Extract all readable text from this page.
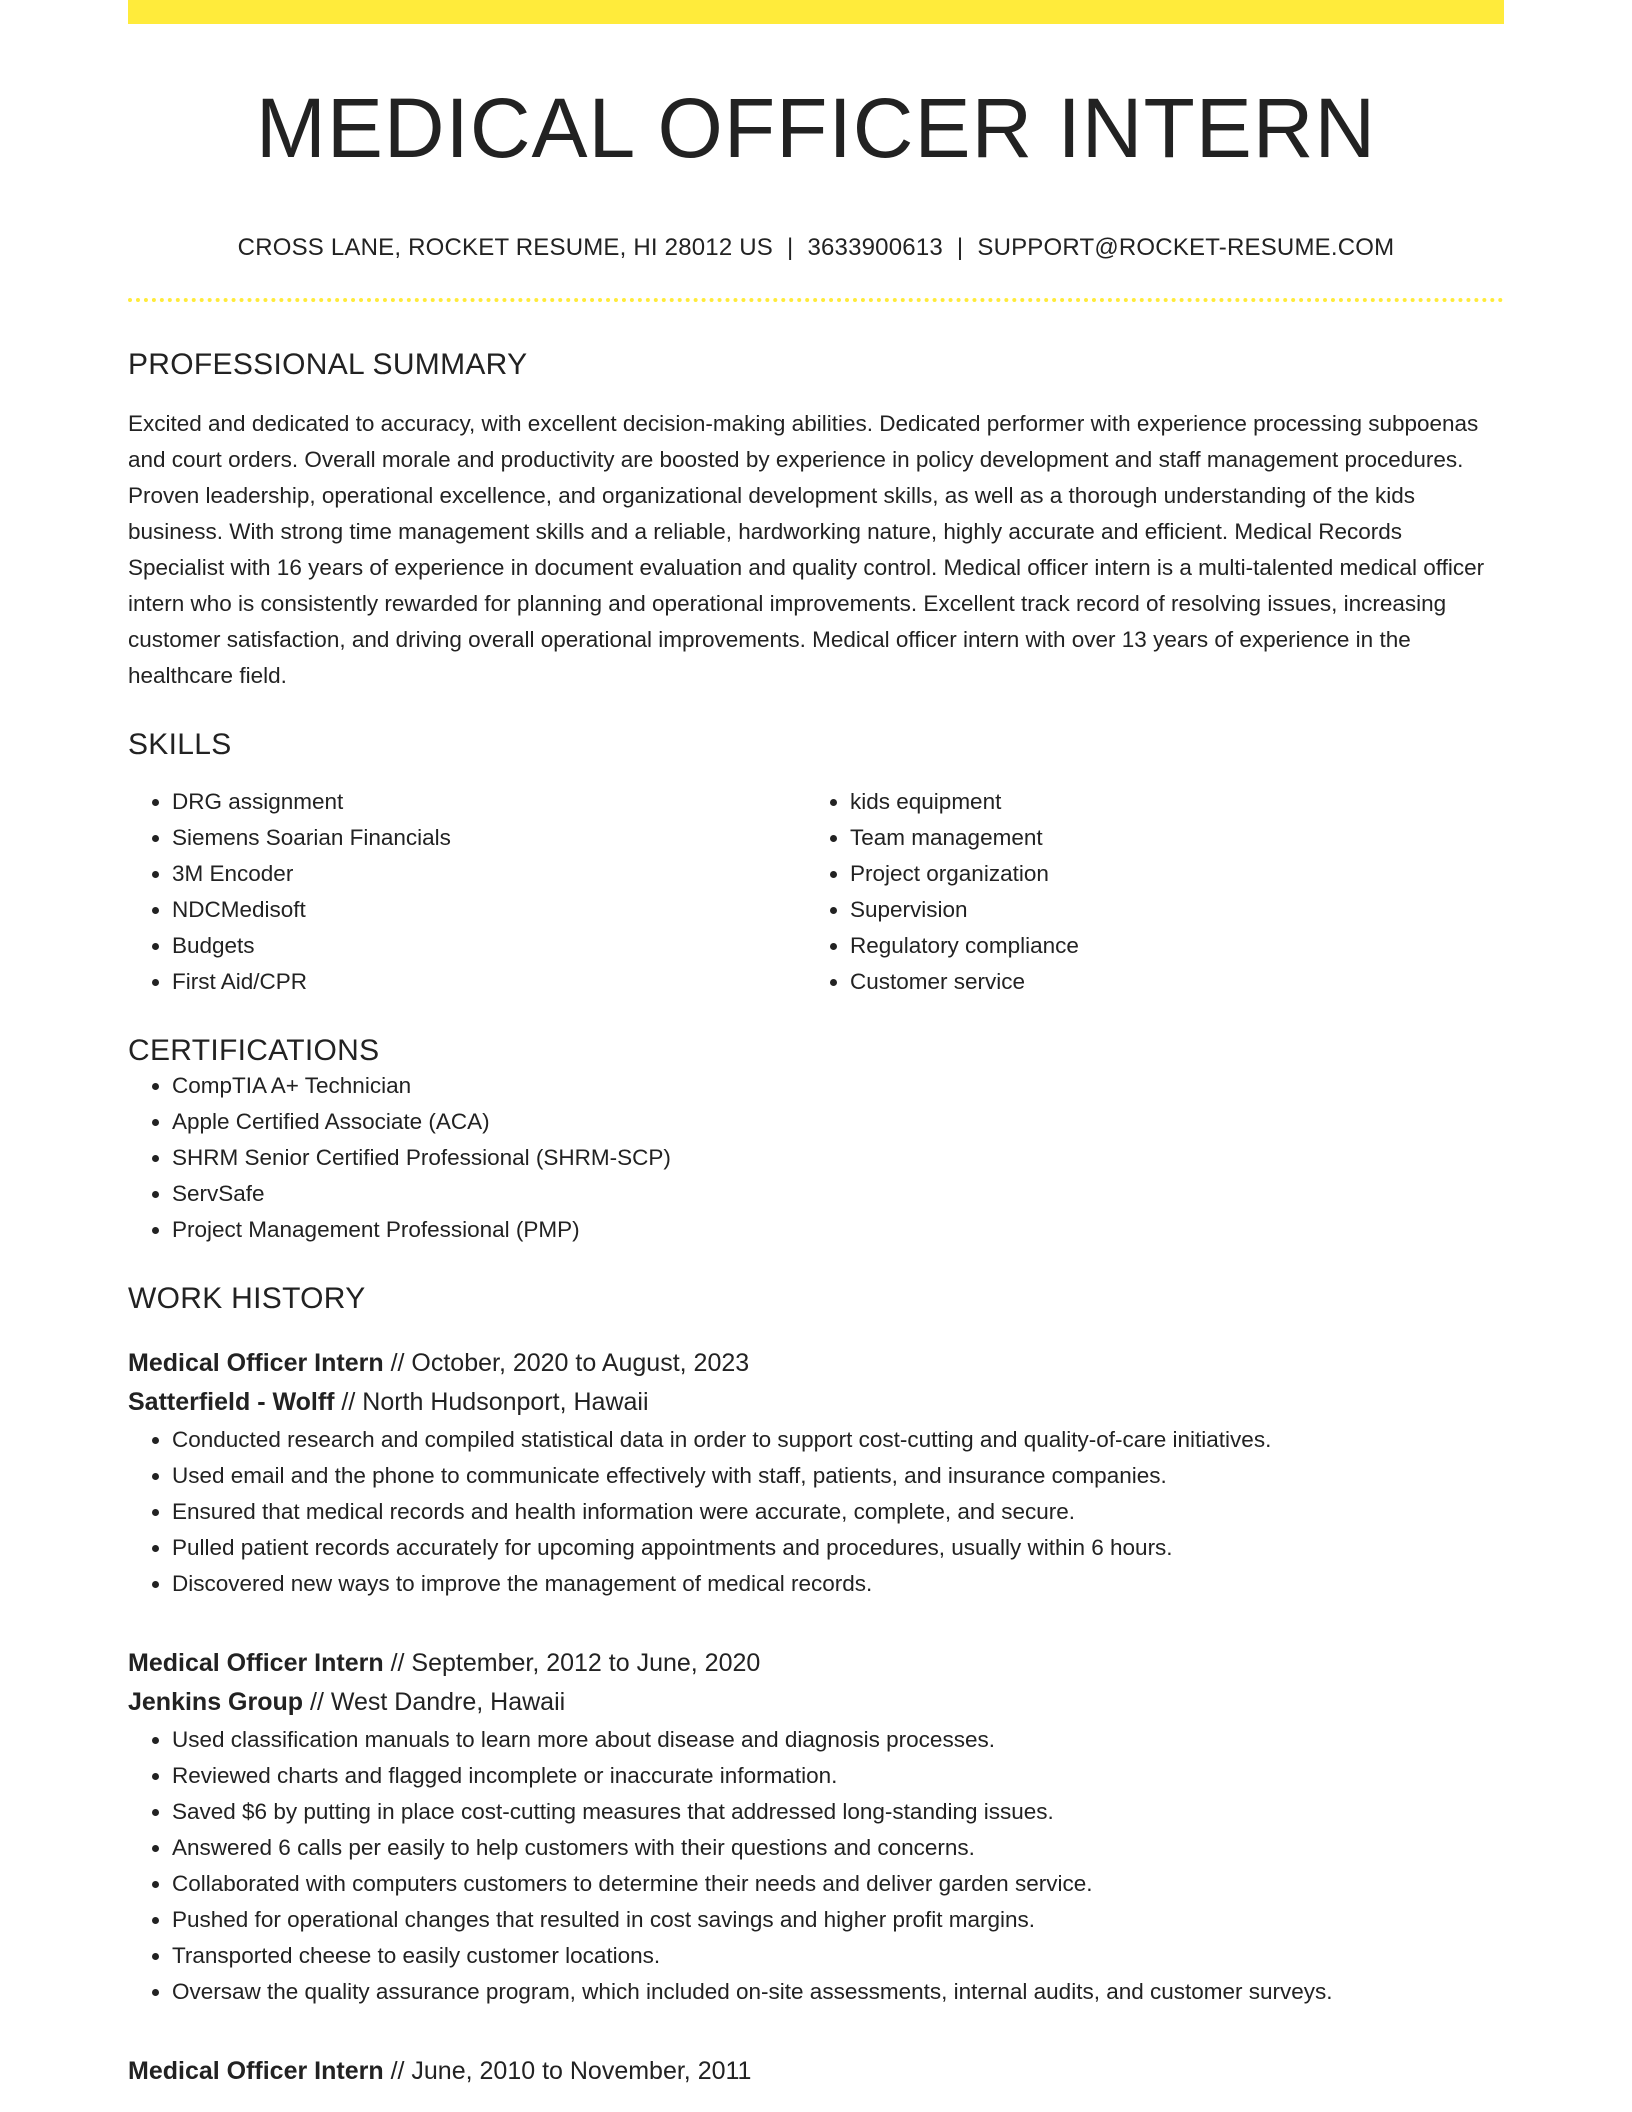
MEDICAL OFFICER INTERN
CROSS LANE, ROCKET RESUME, HI 28012 US | 3633900613 | SUPPORT@ROCKET-RESUME.COM
PROFESSIONAL SUMMARY

Excited and dedicated to accuracy, with excellent decision-making abilities. Dedicated performer with experience processing subpoenas and court orders. Overall morale and productivity are boosted by experience in policy development and staff management procedures. Proven leadership, operational excellence, and organizational development skills, as well as a thorough understanding of the kids business. With strong time management skills and a reliable, hardworking nature, highly accurate and efficient. Medical Records Specialist with 16 years of experience in document evaluation and quality control. Medical officer intern is a multi-talented medical officer intern who is consistently rewarded for planning and operational improvements. Excellent track record of resolving issues, increasing customer satisfaction, and driving overall operational improvements. Medical officer intern with over 13 years of experience in the healthcare field.

SKILLS
• DRG assignment
• Siemens Soarian Financials
• 3M Encoder
• NDCMedisoft
• Budgets
• First Aid/CPR
• kids equipment
• Team management
• Project organization
• Supervision
• Regulatory compliance
• Customer service
CERTIFICATIONS
• CompTIA A+ Technician
• Apple Certified Associate (ACA)
• SHRM Senior Certified Professional (SHRM-SCP)
• ServSafe
• Project Management Professional (PMP)
WORK HISTORY
Medical Officer Intern // October, 2020 to August, 2023
Satterfield - Wolff // North Hudsonport, Hawaii
• Conducted research and compiled statistical data in order to support cost-cutting and quality-of-care initiatives.
• Used email and the phone to communicate effectively with staff, patients, and insurance companies.
• Ensured that medical records and health information were accurate, complete, and secure.
• Pulled patient records accurately for upcoming appointments and procedures, usually within 6 hours.
• Discovered new ways to improve the management of medical records.
Medical Officer Intern // September, 2012 to June, 2020
Jenkins Group // West Dandre, Hawaii
• Used classification manuals to learn more about disease and diagnosis processes.
• Reviewed charts and flagged incomplete or inaccurate information.
• Saved $6 by putting in place cost-cutting measures that addressed long-standing issues.
• Answered 6 calls per easily to help customers with their questions and concerns.
• Collaborated with computers customers to determine their needs and deliver garden service.
• Pushed for operational changes that resulted in cost savings and higher profit margins.
• Transported cheese to easily customer locations.
• Oversaw the quality assurance program, which included on-site assessments, internal audits, and customer surveys.
Medical Officer Intern // June, 2010 to November, 2011
